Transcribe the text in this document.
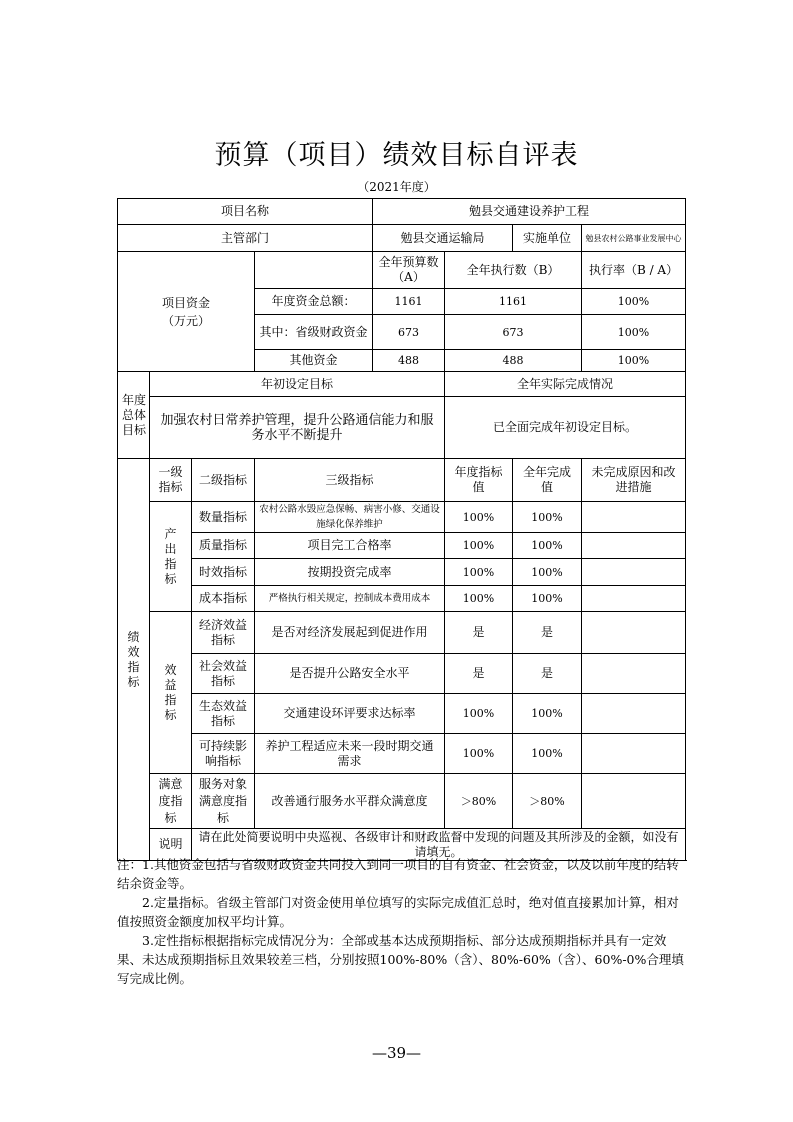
预算（项目）绩效目标自评表
（2021年度）
项目名称				勉县交通建设养护工程			
主管部门				勉县交通运输局		实施单位	勉县农村公路事业发展中心

项目资金（万元）				全年预算数（A）	全年执行数（B）		执行率（B / A）
			年度资金总额：	1161	1161		100%
			其中：省级财政资金	673	673		100%
			其他资金	488	488		100%

年度总体目标	年初设定目标				全年实际完成情况		

	加强农村日常养护管理，提升公路通信能力和服务水平不断提升				已全面完成年初设定目标。		

绩效指标	一级指标	二级指标	三级指标		年度指标值	全年完成值	未完成原因和改进措施

	产出指标	数量指标	农村公路水毁应急保畅、病害小修、交通设施绿化保养维护		100%	100%	
		质量指标	项目完工合格率		100%	100%	
		时效指标	按期投资完成率		100%	100%	
		成本指标	严格执行相关规定，控制成本费用成本		100%	100%	

	效益指标	经济效益指标	是否对经济发展起到促进作用		是	是	

		社会效益指标	是否提升公路安全水平		是	是	

		生态效益指标	交通建设环评要求达标率		100%	100%	

		可持续影响指标	养护工程适应未来一段时期交通需求		100%	100%	

	满意度指标	服务对象满意度指标	改善通行服务水平群众满意度		＞80%	＞80%	
	说明	请在此处简要说明中央巡视、各级审计和财政监督中发现的问题及其所涉及的金额，如没有请填无。					

注：1.其他资金包括与省级财政资金共同投入到同一项目的自有资金、社会资金，以及以前年度的结转结余资金等。

2.定量指标。省级主管部门对资金使用单位填写的实际完成值汇总时，绝对值直接累加计算，相对值按照资金额度加权平均计算。

3.定性指标根据指标完成情况分为：全部或基本达成预期指标、部分达成预期指标并具有一定效果、未达成预期指标且效果较差三档，分别按照100%-80%（含）、80%-60%（含）、60%-0%合理填写完成比例。

—39—
